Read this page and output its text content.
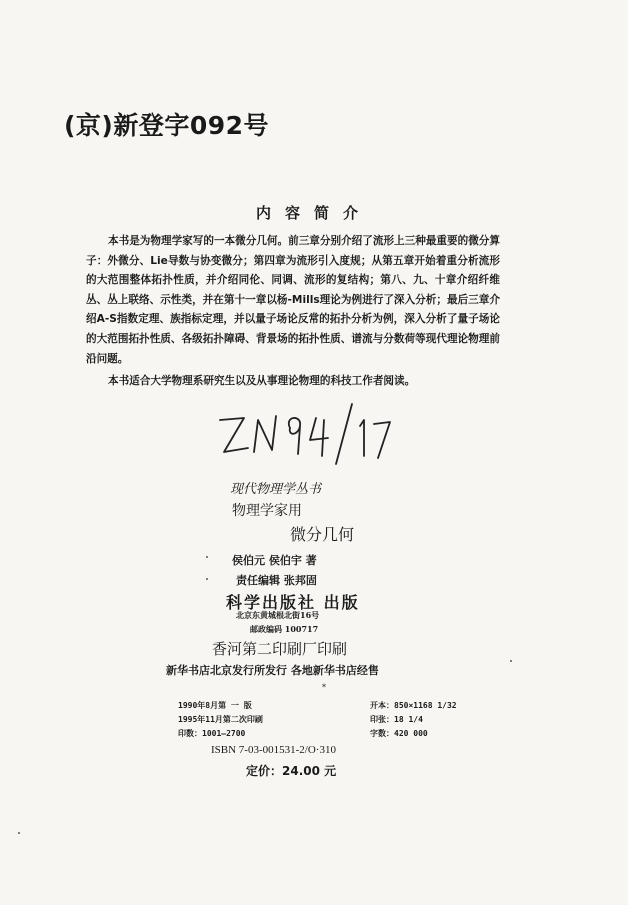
(京)新登字092号
内容简介
本书是为物理学家写的一本微分几何。前三章分别介绍了流形上三种最重要的微分算子：外微分、Lie导数与协变微分；第四章为流形引入度规；从第五章开始着重分析流形的大范围整体拓扑性质，并介绍同伦、同调、流形的复结构；第八、九、十章介绍纤维丛、丛上联络、示性类，并在第十一章以杨-Mills理论为例进行了深入分析；最后三章介绍A-S指数定理、族指标定理，并以量子场论反常的拓扑分析为例，深入分析了量子场论的大范围拓扑性质、各级拓扑障碍、背景场的拓扑性质、谱流与分数荷等现代理论物理前沿问题。
本书适合大学物理系研究生以及从事理论物理的科技工作者阅读。
现代物理学丛书
物理学家用
微分几何
侯伯元 侯伯宇 著
责任编辑 张邦固
科学出版社 出版
北京东黄城根北街16号
邮政编码 100717
香河第二印刷厂印刷
新华书店北京发行所发行 各地新华书店经售
*
1990年8月第 一 版	开本：850×1168 1/32
1995年11月第二次印刷	印张：18 1/4
印数：1001—2700	字数：420 000
ISBN 7-03-001531-2/O·310
定价：24.00 元
